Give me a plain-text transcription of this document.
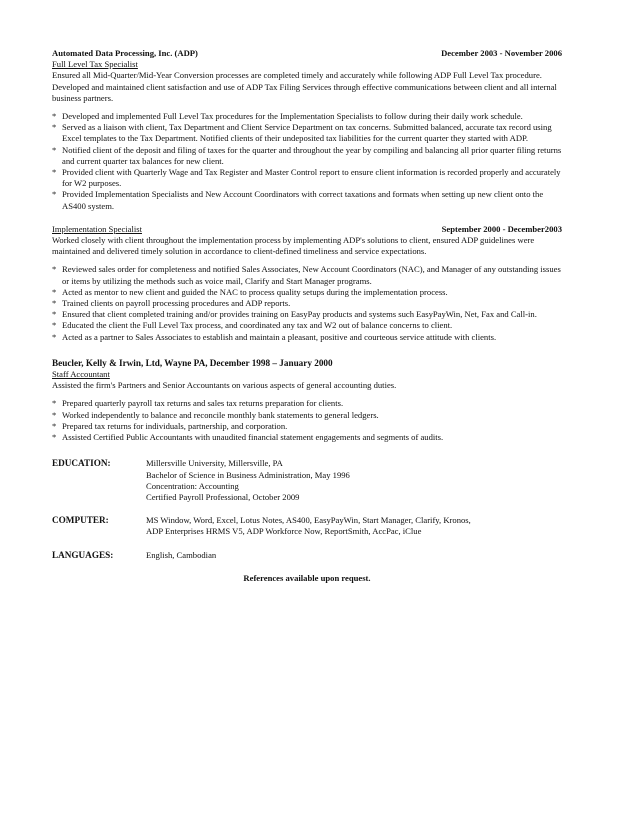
Automated Data Processing, Inc. (ADP)	December 2003 - November 2006
Full Level Tax Specialist
Ensured all Mid-Quarter/Mid-Year Conversion processes are completed timely and accurately while following ADP Full Level Tax procedure. Developed and maintained client satisfaction and use of ADP Tax Filing Services through effective communications between client and all internal business partners.
* Developed and implemented Full Level Tax procedures for the Implementation Specialists to follow during their daily work schedule.
* Served as a liaison with client, Tax Department and Client Service Department on tax concerns. Submitted balanced, accurate tax record using Excel templates to the Tax Department. Notified clients of their undeposited tax liabilities for the current quarter they started with ADP.
* Notified client of the deposit and filing of taxes for the quarter and throughout the year by compiling and balancing all prior quarter filing returns and current quarter tax balances for new client.
* Provided client with Quarterly Wage and Tax Register and Master Control report to ensure client information is recorded properly and accurately for W2 purposes.
* Provided Implementation Specialists and New Account Coordinators with correct taxations and formats when setting up new client onto the AS400 system.
Implementation Specialist	September 2000 - December2003
Worked closely with client throughout the implementation process by implementing ADP's solutions to client, ensured ADP guidelines were maintained and delivered timely solution in accordance to client-defined timeliness and service expectations.
* Reviewed sales order for completeness and notified Sales Associates, New Account Coordinators (NAC), and Manager of any outstanding issues or items by utilizing the methods such as voice mail, Clarify and Start Manager programs.
* Acted as mentor to new client and guided the NAC to process quality setups during the implementation process.
* Trained clients on payroll processing procedures and ADP reports.
* Ensured that client completed training and/or provides training on EasyPay products and systems such EasyPayWin, Net, Fax and Call-in.
* Educated the client the Full Level Tax process, and coordinated any tax and W2 out of balance concerns to client.
* Acted as a partner to Sales Associates to establish and maintain a pleasant, positive and courteous service attitude with clients.
Beucler, Kelly & Irwin, Ltd, Wayne PA, December 1998 – January 2000
Staff Accountant
Assisted the firm's Partners and Senior Accountants on various aspects of general accounting duties.
* Prepared quarterly payroll tax returns and sales tax returns preparation for clients.
* Worked independently to balance and reconcile monthly bank statements to general ledgers.
* Prepared tax returns for individuals, partnership, and corporation.
* Assisted Certified Public Accountants with unaudited financial statement engagements and segments of audits.
EDUCATION:	Millersville University, Millersville, PA
Bachelor of Science in Business Administration, May 1996
Concentration: Accounting
Certified Payroll Professional, October 2009
COMPUTER:	MS Window, Word, Excel, Lotus Notes, AS400, EasyPayWin, Start Manager, Clarify, Kronos,
ADP Enterprises HRMS V5, ADP Workforce Now, ReportSmith, AccPac, iClue
LANGUAGES:	English, Cambodian
References available upon request.
